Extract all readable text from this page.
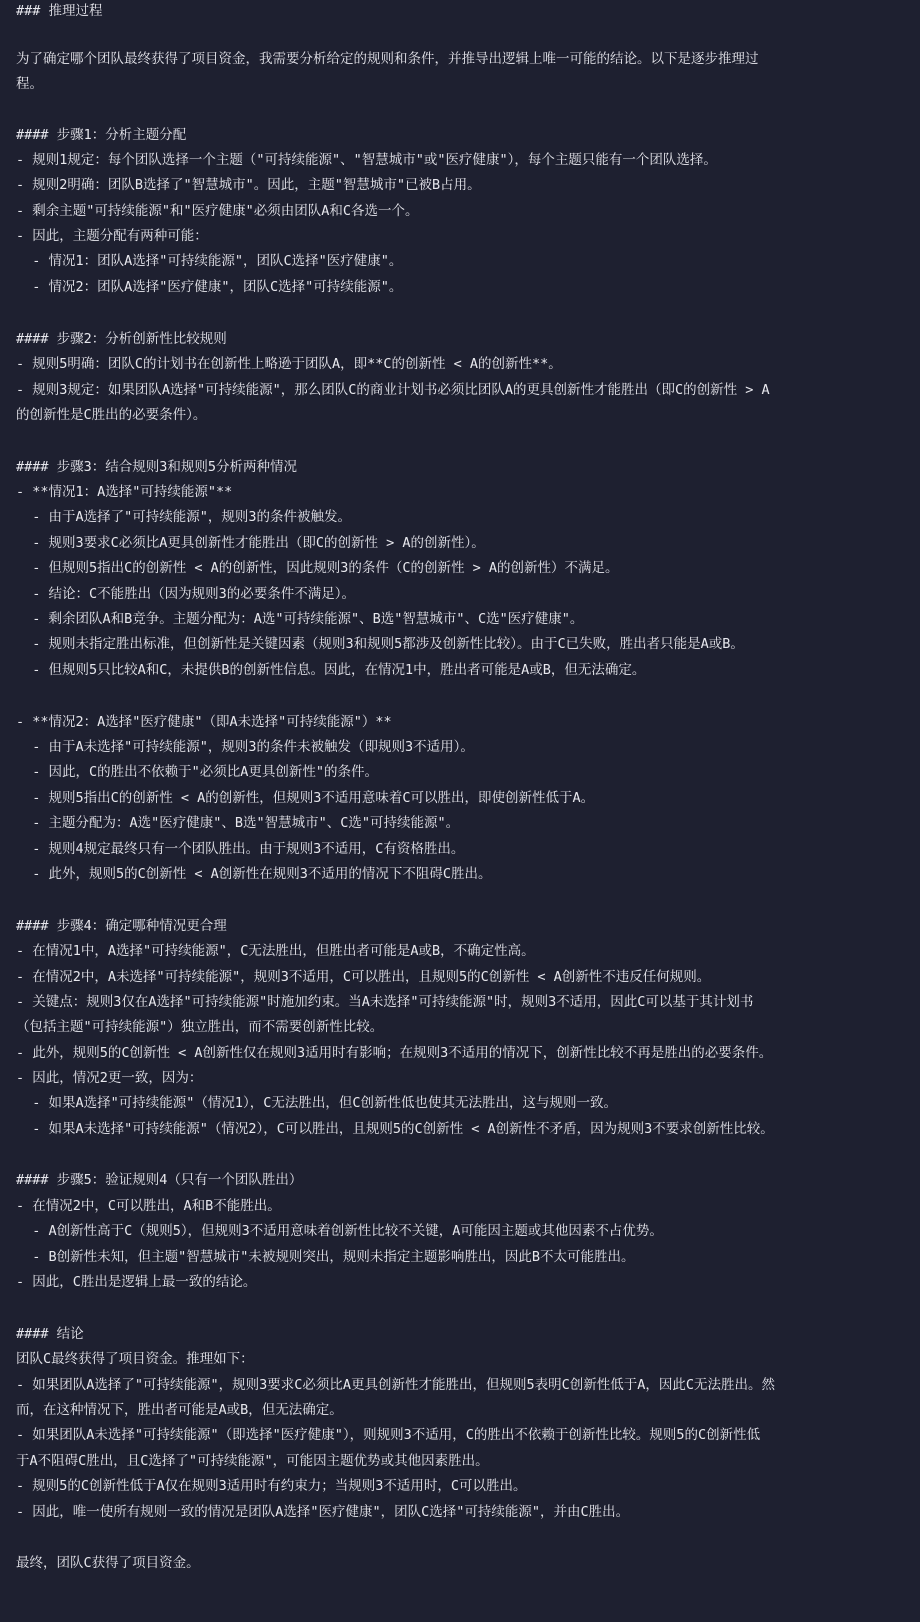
### 推理过程
为了确定哪个团队最终获得了项目资金，我需要分析给定的规则和条件，并推导出逻辑上唯一可能的结论。以下是逐步推理过
程。
#### 步骤1：分析主题分配
- 规则1规定：每个团队选择一个主题（"可持续能源"、"智慧城市"或"医疗健康"），每个主题只能有一个团队选择。
- 规则2明确：团队B选择了"智慧城市"。因此，主题"智慧城市"已被B占用。
- 剩余主题"可持续能源"和"医疗健康"必须由团队A和C各选一个。
- 因此，主题分配有两种可能：
- 情况1：团队A选择"可持续能源"，团队C选择"医疗健康"。
- 情况2：团队A选择"医疗健康"，团队C选择"可持续能源"。
#### 步骤2：分析创新性比较规则
- 规则5明确：团队C的计划书在创新性上略逊于团队A，即**C的创新性 < A的创新性**。
- 规则3规定：如果团队A选择"可持续能源"，那么团队C的商业计划书必须比团队A的更具创新性才能胜出（即C的创新性 > A
的创新性是C胜出的必要条件）。
#### 步骤3：结合规则3和规则5分析两种情况
- **情况1：A选择"可持续能源"**
- 由于A选择了"可持续能源"，规则3的条件被触发。
- 规则3要求C必须比A更具创新性才能胜出（即C的创新性 > A的创新性）。
- 但规则5指出C的创新性 < A的创新性，因此规则3的条件（C的创新性 > A的创新性）不满足。
- 结论：C不能胜出（因为规则3的必要条件不满足）。
- 剩余团队A和B竞争。主题分配为：A选"可持续能源"、B选"智慧城市"、C选"医疗健康"。
- 规则未指定胜出标准，但创新性是关键因素（规则3和规则5都涉及创新性比较）。由于C已失败，胜出者只能是A或B。
- 但规则5只比较A和C，未提供B的创新性信息。因此，在情况1中，胜出者可能是A或B，但无法确定。
- **情况2：A选择"医疗健康"（即A未选择"可持续能源"）**
- 由于A未选择"可持续能源"，规则3的条件未被触发（即规则3不适用）。
- 因此，C的胜出不依赖于"必须比A更具创新性"的条件。
- 规则5指出C的创新性 < A的创新性，但规则3不适用意味着C可以胜出，即使创新性低于A。
- 主题分配为：A选"医疗健康"、B选"智慧城市"、C选"可持续能源"。
- 规则4规定最终只有一个团队胜出。由于规则3不适用，C有资格胜出。
- 此外，规则5的C创新性 < A创新性在规则3不适用的情况下不阻碍C胜出。
#### 步骤4：确定哪种情况更合理
- 在情况1中，A选择"可持续能源"，C无法胜出，但胜出者可能是A或B，不确定性高。
- 在情况2中，A未选择"可持续能源"，规则3不适用，C可以胜出，且规则5的C创新性 < A创新性不违反任何规则。
- 关键点：规则3仅在A选择"可持续能源"时施加约束。当A未选择"可持续能源"时，规则3不适用，因此C可以基于其计划书
（包括主题"可持续能源"）独立胜出，而不需要创新性比较。
- 此外，规则5的C创新性 < A创新性仅在规则3适用时有影响；在规则3不适用的情况下，创新性比较不再是胜出的必要条件。
- 因此，情况2更一致，因为：
- 如果A选择"可持续能源"（情况1），C无法胜出，但C创新性低也使其无法胜出，这与规则一致。
- 如果A未选择"可持续能源"（情况2），C可以胜出，且规则5的C创新性 < A创新性不矛盾，因为规则3不要求创新性比较。
#### 步骤5：验证规则4（只有一个团队胜出）
- 在情况2中，C可以胜出，A和B不能胜出。
- A创新性高于C（规则5），但规则3不适用意味着创新性比较不关键，A可能因主题或其他因素不占优势。
- B创新性未知，但主题"智慧城市"未被规则突出，规则未指定主题影响胜出，因此B不太可能胜出。
- 因此，C胜出是逻辑上最一致的结论。
#### 结论
团队C最终获得了项目资金。推理如下：
- 如果团队A选择了"可持续能源"，规则3要求C必须比A更具创新性才能胜出，但规则5表明C创新性低于A，因此C无法胜出。然
而，在这种情况下，胜出者可能是A或B，但无法确定。
- 如果团队A未选择"可持续能源"（即选择"医疗健康"），则规则3不适用，C的胜出不依赖于创新性比较。规则5的C创新性低
于A不阻碍C胜出，且C选择了"可持续能源"，可能因主题优势或其他因素胜出。
- 规则5的C创新性低于A仅在规则3适用时有约束力；当规则3不适用时，C可以胜出。
- 因此，唯一使所有规则一致的情况是团队A选择"医疗健康"，团队C选择"可持续能源"，并由C胜出。
最终，团队C获得了项目资金。
